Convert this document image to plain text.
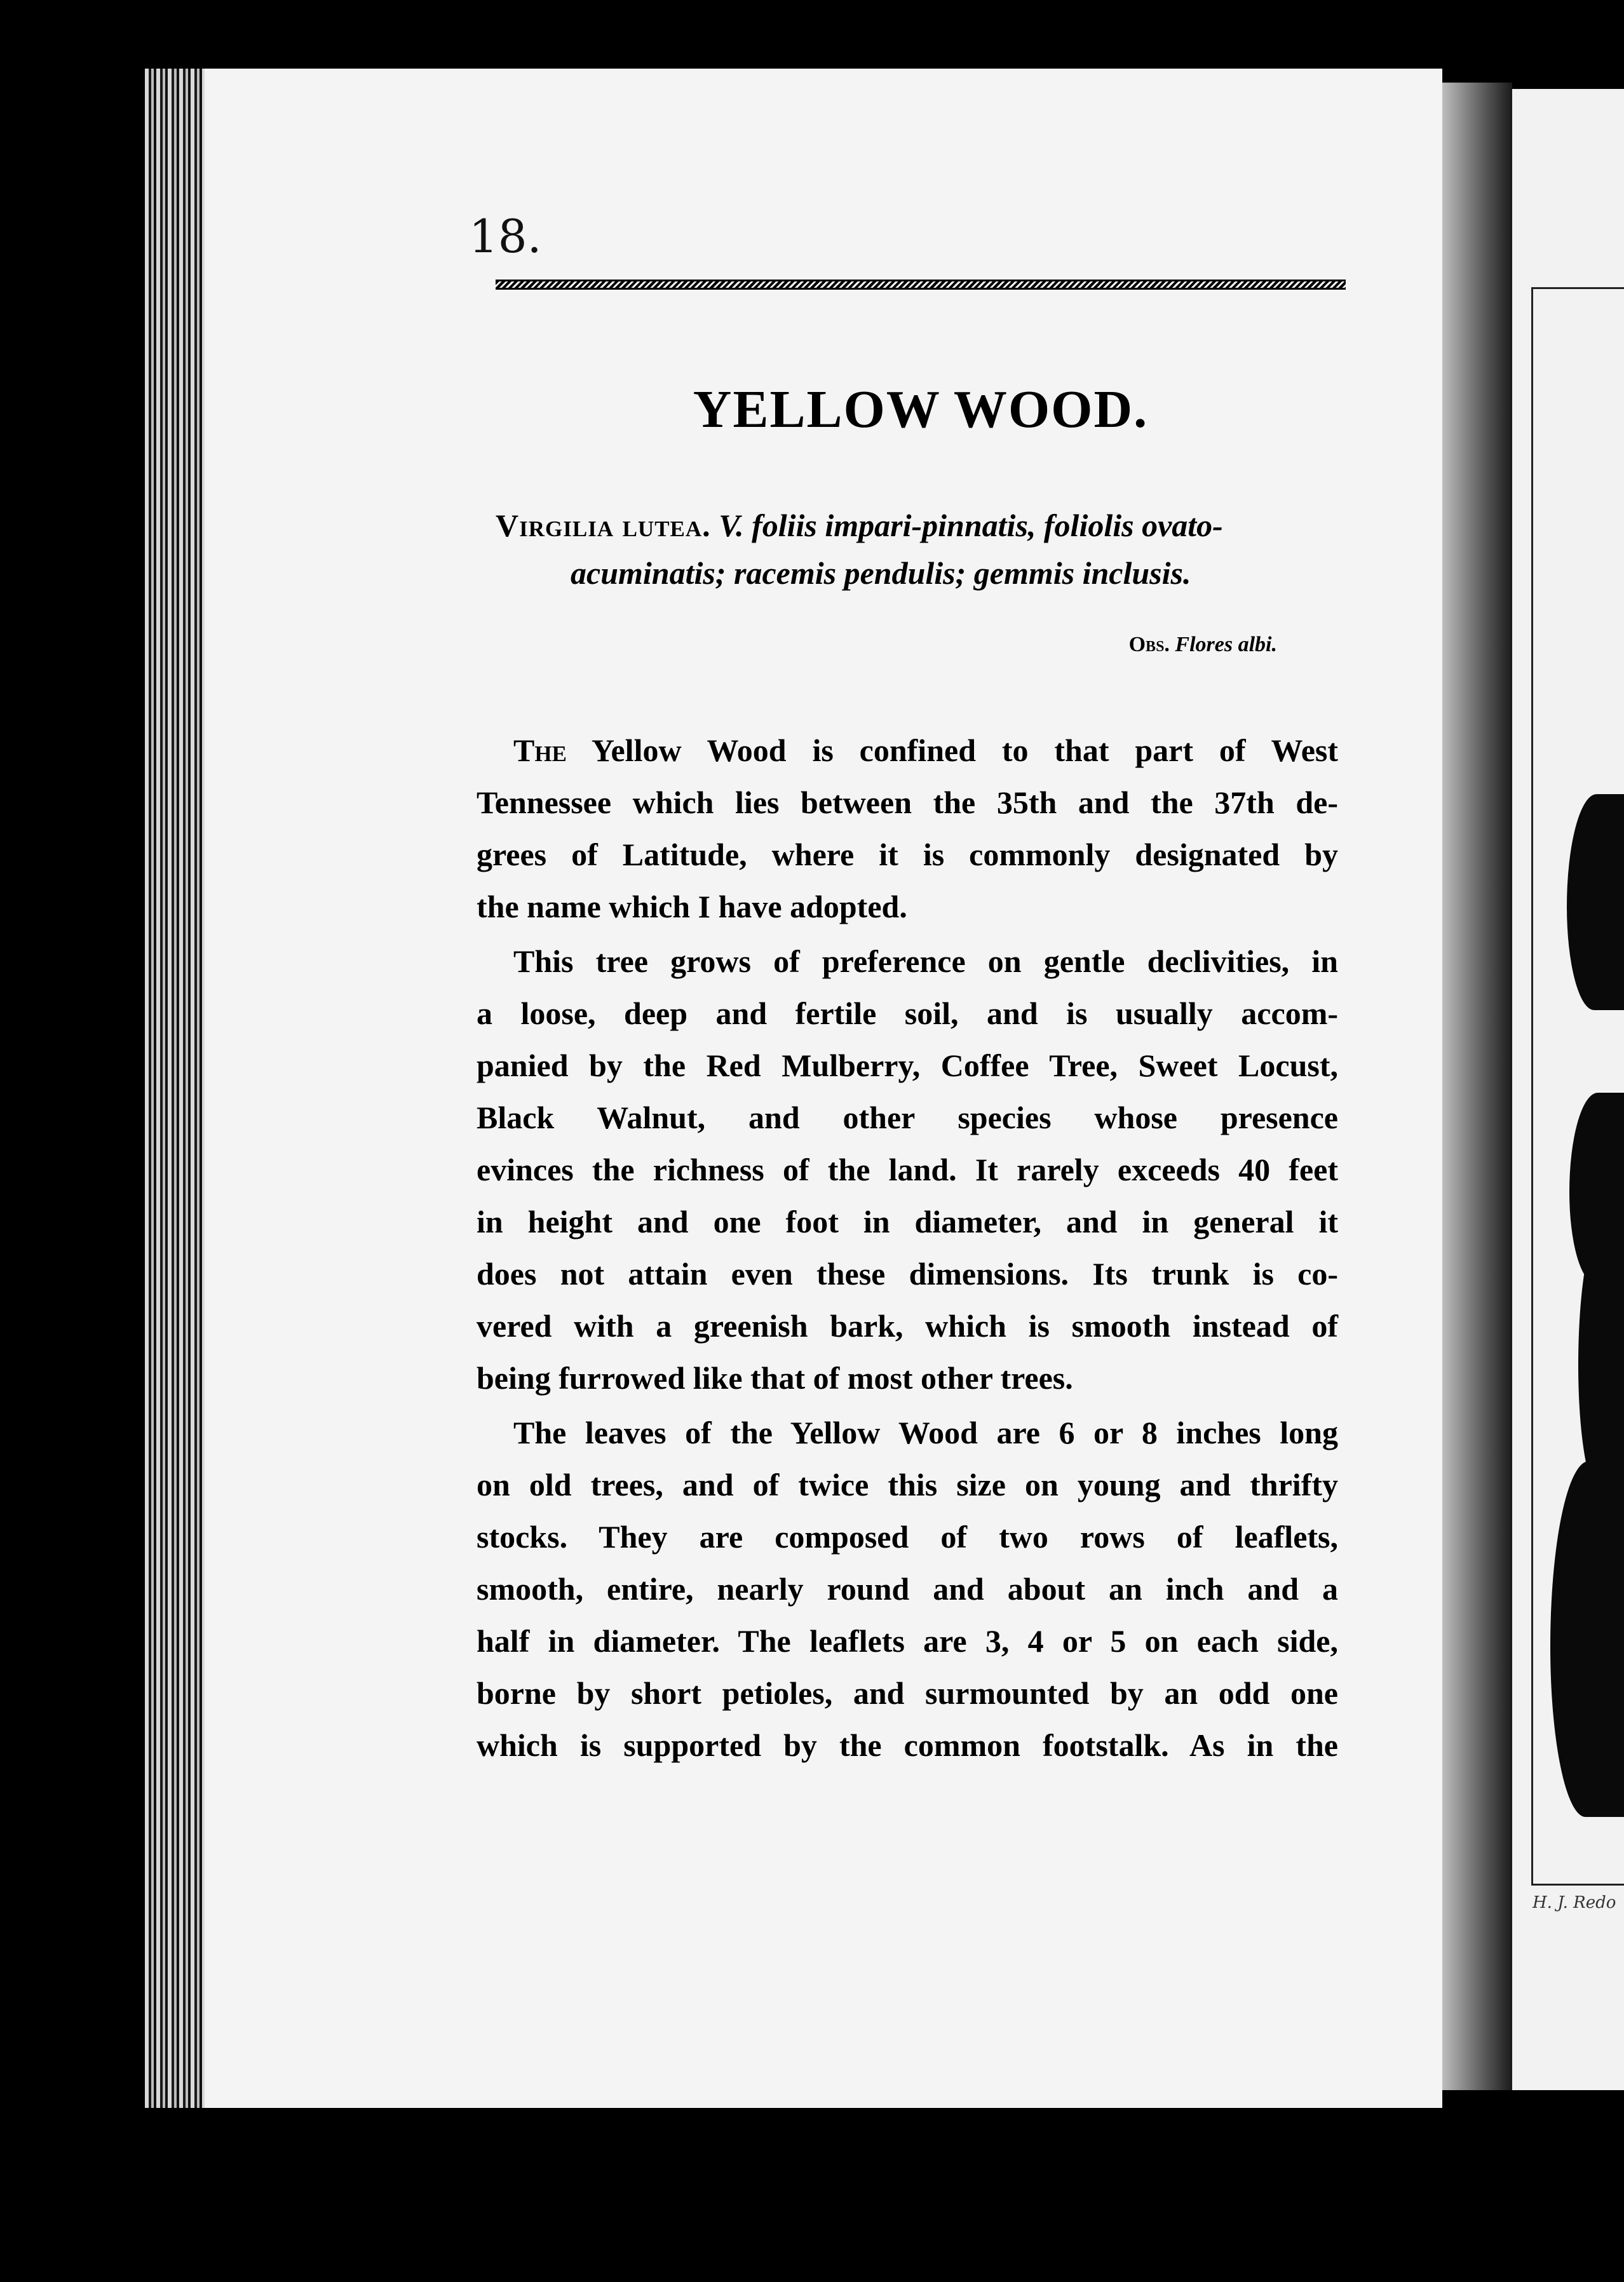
H. J. Redo
18.
YELLOW WOOD.
Virgilia lutea. V. foliis impari-pinnatis, foliolis ovato-
acuminatis; racemis pendulis; gemmis inclusis.
Obs. Flores albi.
The Yellow Wood is confined to that part of West
Tennessee which lies between the 35th and the 37th de-
grees of Latitude, where it is commonly designated by
the name which I have adopted.
This tree grows of preference on gentle declivities, in
a loose, deep and fertile soil, and is usually accom-
panied by the Red Mulberry, Coffee Tree, Sweet Locust,
Black Walnut, and other species whose presence
evinces the richness of the land. It rarely exceeds 40 feet
in height and one foot in diameter, and in general it
does not attain even these dimensions. Its trunk is co-
vered with a greenish bark, which is smooth instead of
being furrowed like that of most other trees.
The leaves of the Yellow Wood are 6 or 8 inches long
on old trees, and of twice this size on young and thrifty
stocks. They are composed of two rows of leaflets,
smooth, entire, nearly round and about an inch and a
half in diameter. The leaflets are 3, 4 or 5 on each side,
borne by short petioles, and surmounted by an odd one
which is supported by the common footstalk. As in the
